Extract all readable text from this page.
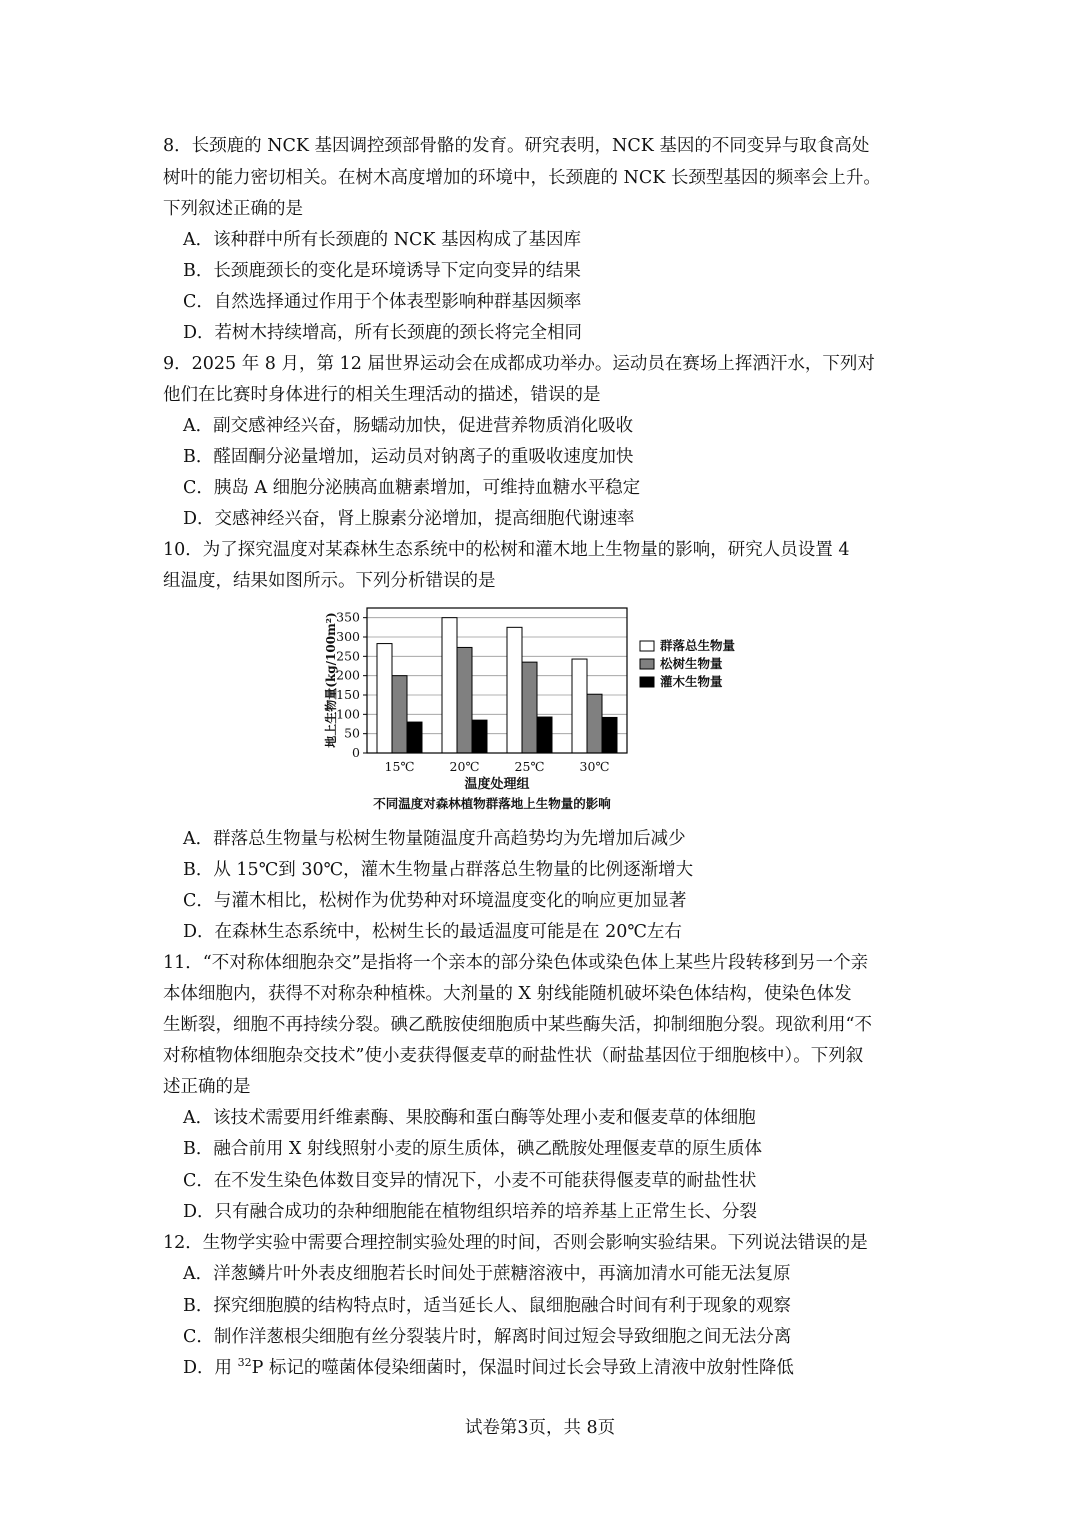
8．长颈鹿的 NCK 基因调控颈部骨骼的发育。研究表明，NCK 基因的不同变异与取食高处
树叶的能力密切相关。在树木高度增加的环境中，长颈鹿的 NCK 长颈型基因的频率会上升。
下列叙述正确的是
A．该种群中所有长颈鹿的 NCK 基因构成了基因库
B．长颈鹿颈长的变化是环境诱导下定向变异的结果
C．自然选择通过作用于个体表型影响种群基因频率
D．若树木持续增高，所有长颈鹿的颈长将完全相同
9．2025 年 8 月，第 12 届世界运动会在成都成功举办。运动员在赛场上挥洒汗水，下列对
他们在比赛时身体进行的相关生理活动的描述，错误的是
A．副交感神经兴奋，肠蠕动加快，促进营养物质消化吸收
B．醛固酮分泌量增加，运动员对钠离子的重吸收速度加快
C．胰岛 A 细胞分泌胰高血糖素增加，可维持血糖水平稳定
D．交感神经兴奋，肾上腺素分泌增加，提高细胞代谢速率
10．为了探究温度对某森林生态系统中的松树和灌木地上生物量的影响，研究人员设置 4
组温度，结果如图所示。下列分析错误的是
0
50
100
150
200
250
300
350
15℃	20℃	25℃	30℃
地上生物量(kg/100m²)
温度处理组
不同温度对森林植物群落地上生物量的影响
群落总生物量
松树生物量
灌木生物量
A．群落总生物量与松树生物量随温度升高趋势均为先增加后减少
B．从 15℃到 30℃，灌木生物量占群落总生物量的比例逐渐增大
C．与灌木相比，松树作为优势种对环境温度变化的响应更加显著
D．在森林生态系统中，松树生长的最适温度可能是在 20℃左右
11．“不对称体细胞杂交”是指将一个亲本的部分染色体或染色体上某些片段转移到另一个亲
本体细胞内，获得不对称杂种植株。大剂量的 X 射线能随机破坏染色体结构，使染色体发
生断裂，细胞不再持续分裂。碘乙酰胺使细胞质中某些酶失活，抑制细胞分裂。现欲利用“不
对称植物体细胞杂交技术”使小麦获得偃麦草的耐盐性状（耐盐基因位于细胞核中）。下列叙
述正确的是
A．该技术需要用纤维素酶、果胶酶和蛋白酶等处理小麦和偃麦草的体细胞
B．融合前用 X 射线照射小麦的原生质体，碘乙酰胺处理偃麦草的原生质体
C．在不发生染色体数目变异的情况下，小麦不可能获得偃麦草的耐盐性状
D．只有融合成功的杂种细胞能在植物组织培养的培养基上正常生长、分裂
12．生物学实验中需要合理控制实验处理的时间，否则会影响实验结果。下列说法错误的是
A．洋葱鳞片叶外表皮细胞若长时间处于蔗糖溶液中，再滴加清水可能无法复原
B．探究细胞膜的结构特点时，适当延长人、鼠细胞融合时间有利于现象的观察
C．制作洋葱根尖细胞有丝分裂装片时，解离时间过短会导致细胞之间无法分离
D．用 $^{32}$P 标记的噬菌体侵染细菌时，保温时间过长会导致上清液中放射性降低
试卷第3页，共 8页
